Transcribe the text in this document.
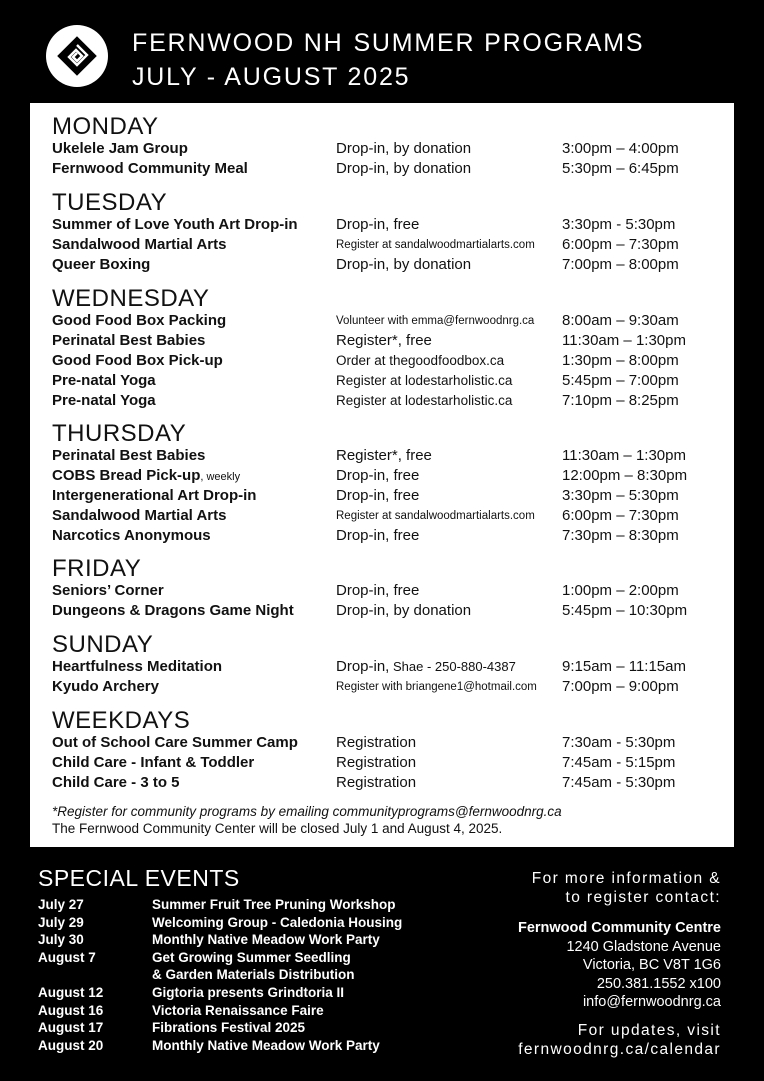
FERNWOOD NH SUMMER PROGRAMS
JULY - AUGUST 2025
MONDAY
Ukelele Jam Group	Drop-in, by donation	3:00pm – 4:00pm
Fernwood Community Meal	Drop-in, by donation	5:30pm – 6:45pm
TUESDAY
Summer of Love Youth Art Drop-in	Drop-in, free	3:30pm - 5:30pm
Sandalwood Martial Arts	Register at sandalwoodmartialarts.com 6:00pm – 7:30pm
Queer Boxing	Drop-in, by donation	7:00pm – 8:00pm
WEDNESDAY
Good Food Box Packing	Volunteer with emma@fernwoodnrg.ca 8:00am – 9:30am
Perinatal Best Babies	Register*, free	11:30am – 1:30pm
Good Food Box Pick-up	Order at thegoodfoodbox.ca	1:30pm – 8:00pm
Pre-natal Yoga	Register at lodestarholistic.ca	5:45pm – 7:00pm
Pre-natal Yoga	Register at lodestarholistic.ca	7:10pm – 8:25pm
THURSDAY
Perinatal Best Babies	Register*, free	11:30am – 1:30pm
COBS Bread Pick-up, weekly	Drop-in, free	12:00pm – 8:30pm
Intergenerational Art Drop-in	Drop-in, free	3:30pm – 5:30pm
Sandalwood Martial Arts	Register at sandalwoodmartialarts.com 6:00pm – 7:30pm
Narcotics Anonymous	Drop-in, free	7:30pm – 8:30pm
FRIDAY
Seniors’ Corner	Drop-in, free	1:00pm – 2:00pm
Dungeons & Dragons Game Night	Drop-in, by donation	5:45pm – 10:30pm
SUNDAY
Heartfulness Meditation	Drop-in, Shae - 250-880-4387	9:15am – 11:15am
Kyudo Archery	Register with briangene1@hotmail.com 7:00pm – 9:00pm
WEEKDAYS
Out of School Care Summer Camp	Registration	7:30am - 5:30pm
Child Care - Infant & Toddler	Registration	7:45am - 5:15pm
Child Care - 3 to 5	Registration	7:45am - 5:30pm
*Register for community programs by emailing communityprograms@fernwoodnrg.ca
The Fernwood Community Center will be closed July 1 and August 4, 2025.
SPECIAL EVENTS
July 27	Summer Fruit Tree Pruning Workshop
July 29	Welcoming Group - Caledonia Housing
July 30	Monthly Native Meadow Work Party
August 7	Get Growing Summer Seedling
& Garden Materials Distribution
August 12	Gigtoria presents Grindtoria II
August 16	Victoria Renaissance Faire
August 17	Fibrations Festival 2025
August 20	Monthly Native Meadow Work Party
For more information &
to register contact:
Fernwood Community Centre
1240 Gladstone Avenue
Victoria, BC V8T 1G6
250.381.1552 x100
info@fernwoodnrg.ca
For updates, visit
fernwoodnrg.ca/calendar
